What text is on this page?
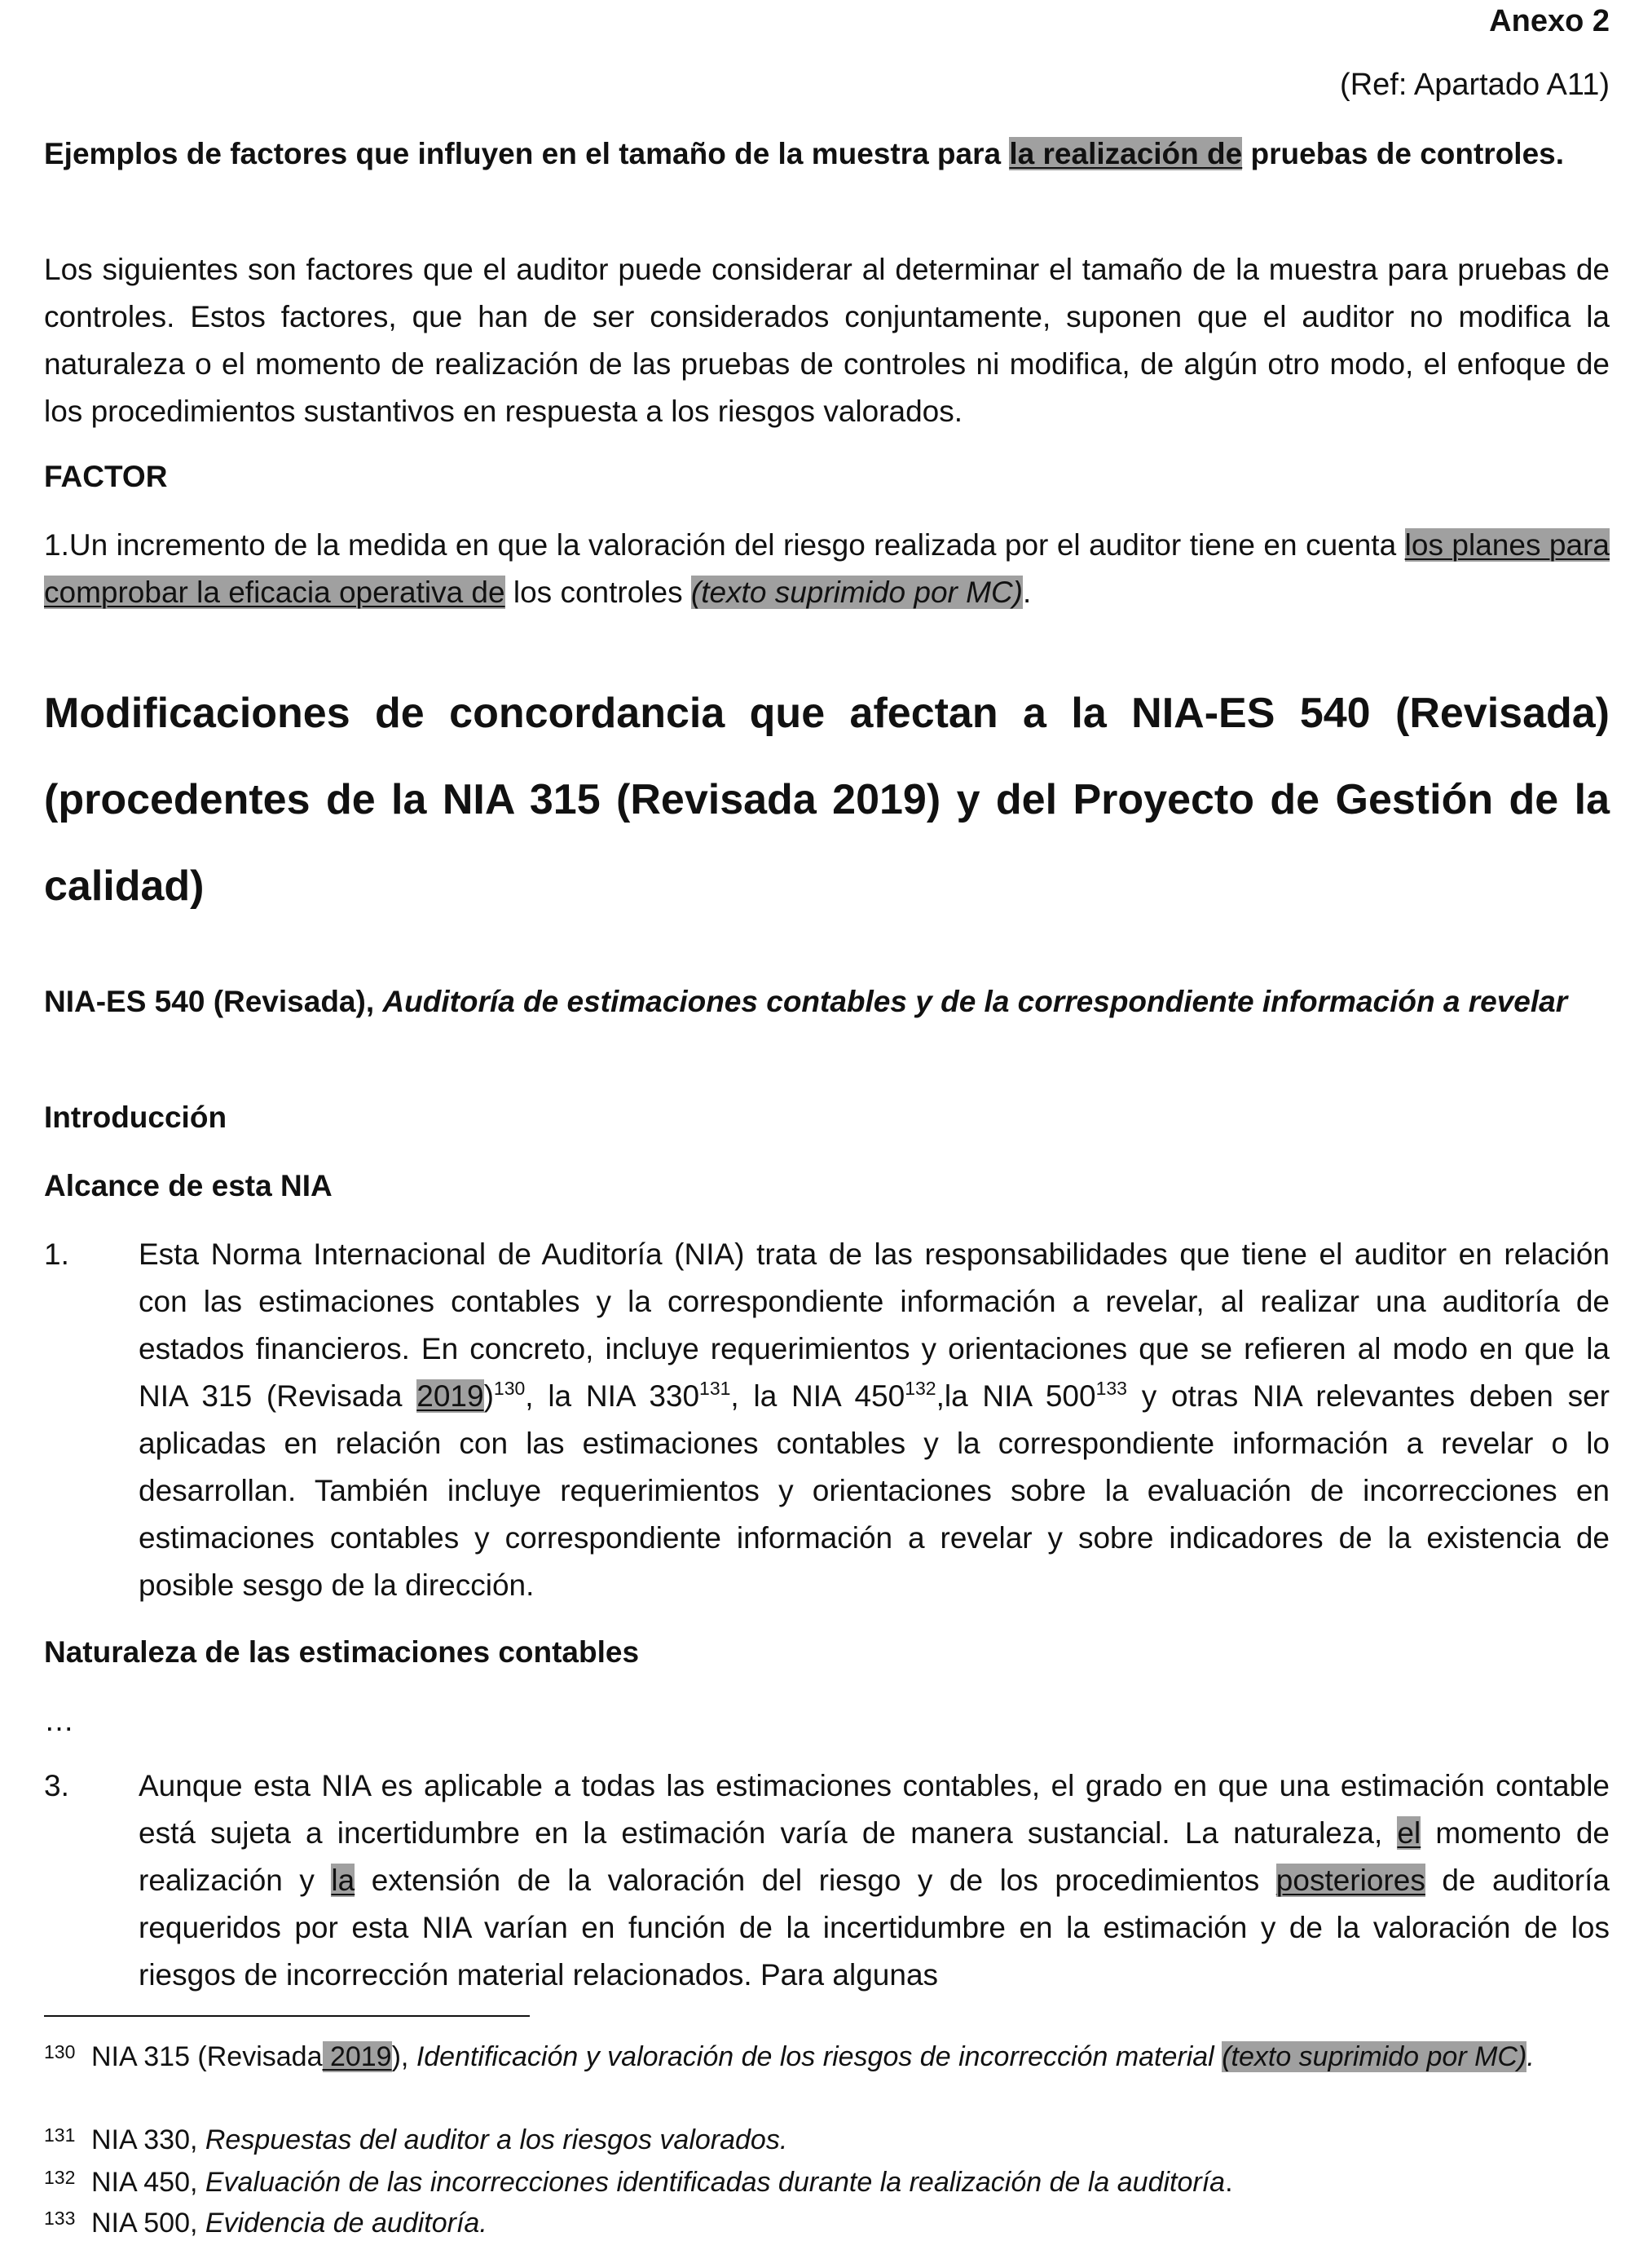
Anexo 2
(Ref: Apartado A11)
Ejemplos de factores que influyen en el tamaño de la muestra para la realización de pruebas de controles.
Los siguientes son factores que el auditor puede considerar al determinar el tamaño de la muestra para pruebas de controles. Estos factores, que han de ser considerados conjuntamente, suponen que el auditor no modifica la naturaleza o el momento de realización de las pruebas de controles ni modifica, de algún otro modo, el enfoque de los procedimientos sustantivos en respuesta a los riesgos valorados.
FACTOR
1.Un incremento de la medida en que la valoración del riesgo realizada por el auditor tiene en cuenta los planes para comprobar la eficacia operativa de los controles (texto suprimido por MC).
Modificaciones de concordancia que afectan a la NIA-ES 540 (Revisada) (procedentes de la NIA 315 (Revisada 2019) y del Proyecto de Gestión de la calidad)
NIA-ES 540 (Revisada), Auditoría de estimaciones contables y de la correspondiente información a revelar
Introducción
Alcance de esta NIA
1.	Esta Norma Internacional de Auditoría (NIA) trata de las responsabilidades que tiene el auditor en relación con las estimaciones contables y la correspondiente información a revelar, al realizar una auditoría de estados financieros. En concreto, incluye requerimientos y orientaciones que se refieren al modo en que la NIA 315 (Revisada 2019)$^{130}$, la NIA $330^{131}$, la NIA $450^{132},la$ NIA $500^{133}$ y otras NIA relevantes deben ser aplicadas en relación con las estimaciones contables y la correspondiente información a revelar o lo desarrollan. También incluye requerimientos y orientaciones sobre la evaluación de incorrecciones en estimaciones contables y correspondiente información a revelar y sobre indicadores de la existencia de posible sesgo de la dirección.
Naturaleza de las estimaciones contables
…
3.	Aunque esta NIA es aplicable a todas las estimaciones contables, el grado en que una estimación contable está sujeta a incertidumbre en la estimación varía de manera sustancial. La naturaleza, el momento de realización y la extensión de la valoración del riesgo y de los procedimientos posteriores de auditoría requeridos por esta NIA varían en función de la incertidumbre en la estimación y de la valoración de los riesgos de incorrección material relacionados. Para algunas
130 NIA 315 (Revisada 2019), Identificación y valoración de los riesgos de incorrección material (texto suprimido por MC).
131 NIA 330, Respuestas del auditor a los riesgos valorados.
132 NIA 450, Evaluación de las incorrecciones identificadas durante la realización de la auditoría.
133 NIA 500, Evidencia de auditoría.
